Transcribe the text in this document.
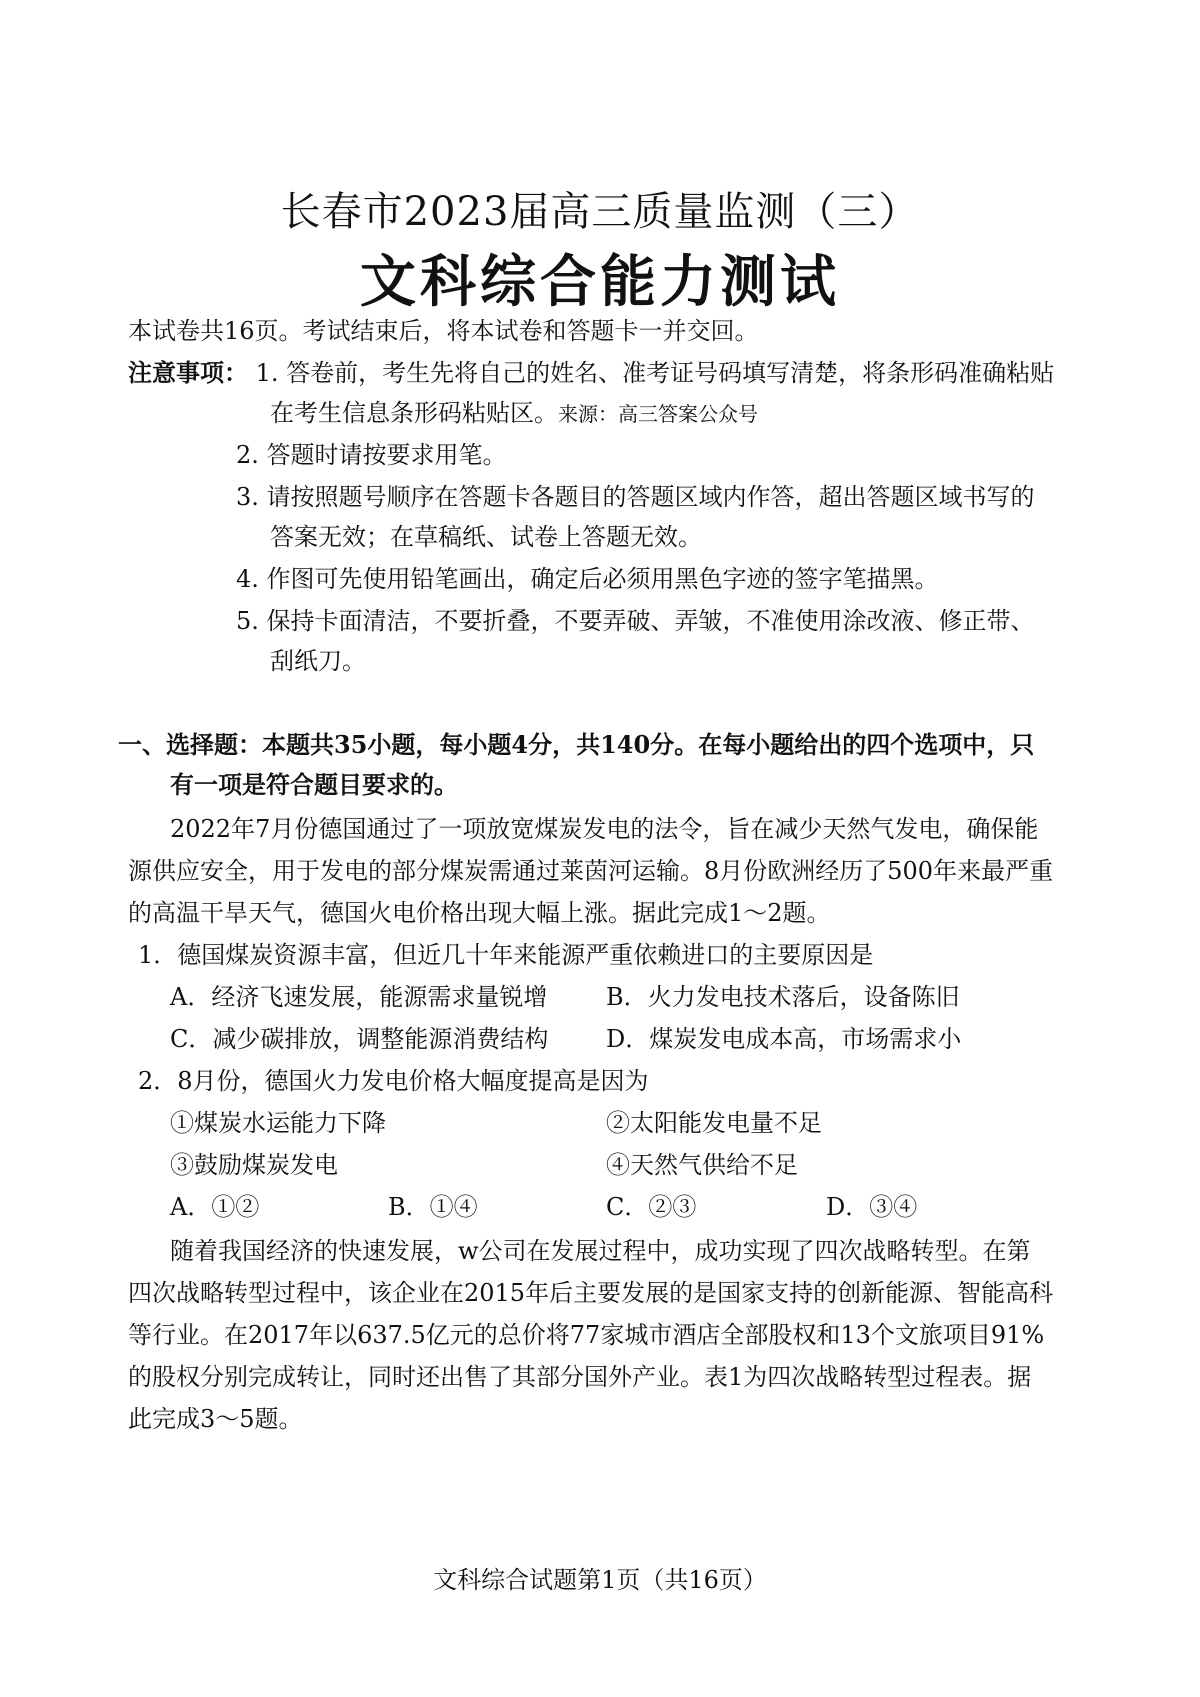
长春市2023届高三质量监测（三）
文科综合能力测试
本试卷共16页。考试结束后，将本试卷和答题卡一并交回。
注意事项： 1. 答卷前，考生先将自己的姓名、准考证号码填写清楚，将条形码准确粘贴
在考生信息条形码粘贴区。来源：高三答案公众号
2. 答题时请按要求用笔。
3. 请按照题号顺序在答题卡各题目的答题区域内作答，超出答题区域书写的
答案无效；在草稿纸、试卷上答题无效。
4. 作图可先使用铅笔画出，确定后必须用黑色字迹的签字笔描黑。
5. 保持卡面清洁，不要折叠，不要弄破、弄皱，不准使用涂改液、修正带、
刮纸刀。
一、选择题：本题共35小题，每小题4分，共140分。在每小题给出的四个选项中，只
有一项是符合题目要求的。
2022年7月份德国通过了一项放宽煤炭发电的法令，旨在减少天然气发电，确保能
源供应安全，用于发电的部分煤炭需通过莱茵河运输。8月份欧洲经历了500年来最严重
的高温干旱天气，德国火电价格出现大幅上涨。据此完成1～2题。
1．德国煤炭资源丰富，但近几十年来能源严重依赖进口的主要原因是
A．经济飞速发展，能源需求量锐增 B．火力发电技术落后，设备陈旧
C．减少碳排放，调整能源消费结构 D．煤炭发电成本高，市场需求小
2．8月份，德国火力发电价格大幅度提高是因为
①煤炭水运能力下降	②太阳能发电量不足
③鼓励煤炭发电	④天然气供给不足
A．①②	B．①④	C．②③	D．③④
随着我国经济的快速发展，w公司在发展过程中，成功实现了四次战略转型。在第
四次战略转型过程中，该企业在2015年后主要发展的是国家支持的创新能源、智能高科
等行业。在2017年以637.5亿元的总价将77家城市酒店全部股权和13个文旅项目91%
的股权分别完成转让，同时还出售了其部分国外产业。表1为四次战略转型过程表。据
此完成3～5题。
文科综合试题第1页（共16页）
